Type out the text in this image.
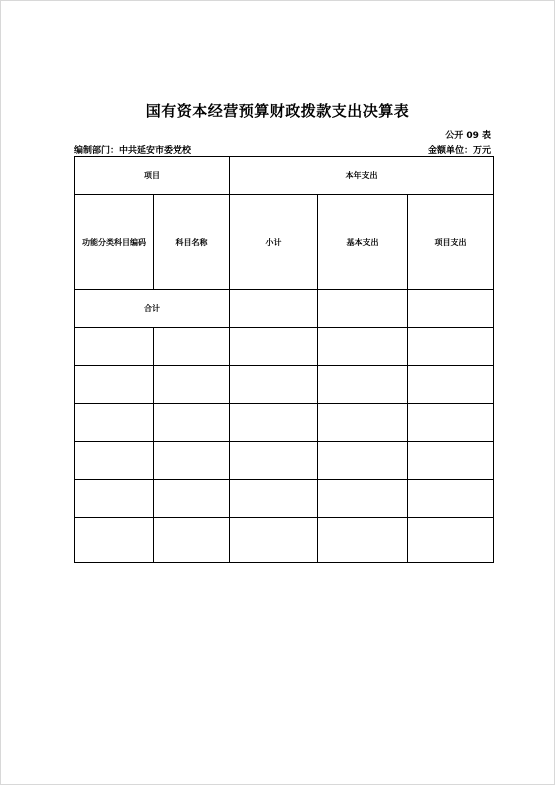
国有资本经营预算财政拨款支出决算表
公开 09 表
编制部门：中共延安市委党校	金额单位：万元
项目		本年支出		
功能分类科目编码	科目名称	小计	基本支出	项目支出
合计				
